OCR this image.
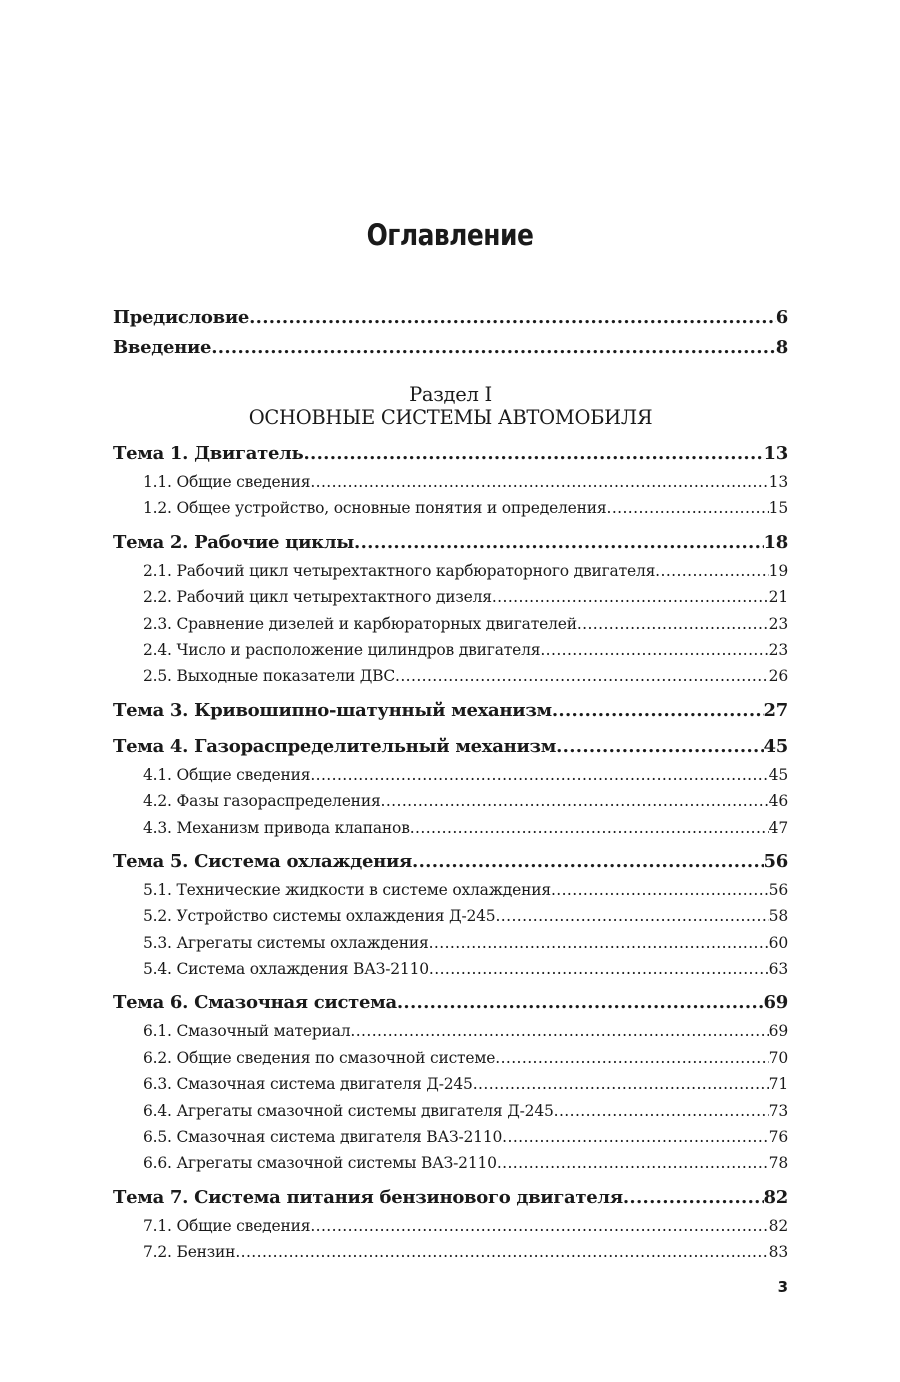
Оглавление
Предисловие .....	6
Введение .....	8
Раздел I
ОСНОВНЫЕ СИСТЕМЫ АВТОМОБИЛЯ
Тема 1. Двигатель .....	13
1.1. Общие сведения .....	13
1.2. Общее устройство, основные понятия и определения .....	15
Тема 2. Рабочие циклы .....	18
2.1. Рабочий цикл четырехтактного карбюраторного двигателя .....	19
2.2. Рабочий цикл четырехтактного дизеля .....	21
2.3. Сравнение дизелей и карбюраторных двигателей .....	23
2.4. Число и расположение цилиндров двигателя .....	23
2.5. Выходные показатели ДВС .....	26
Тема 3. Кривошипно-шатунный механизм .....	27
Тема 4. Газораспределительный механизм .....	45
4.1. Общие сведения .....	45
4.2. Фазы газораспределения .....	46
4.3. Механизм привода клапанов .....	47
Тема 5. Система охлаждения .....	56
5.1. Технические жидкости в системе охлаждения .....	56
5.2. Устройство системы охлаждения Д-245 .....	58
5.3. Агрегаты системы охлаждения .....	60
5.4. Система охлаждения ВАЗ-2110 .....	63
Тема 6. Смазочная система .....	69
6.1. Смазочный материал .....	69
6.2. Общие сведения по смазочной системе .....	70
6.3. Смазочная система двигателя Д-245 .....	71
6.4. Агрегаты смазочной системы двигателя Д-245 .....	73
6.5. Смазочная система двигателя ВАЗ-2110 .....	76
6.6. Агрегаты смазочной системы ВАЗ-2110 .....	78
Тема 7. Система питания бензинового двигателя .....	82
7.1. Общие сведения .....	82
7.2. Бензин .....	83
3
